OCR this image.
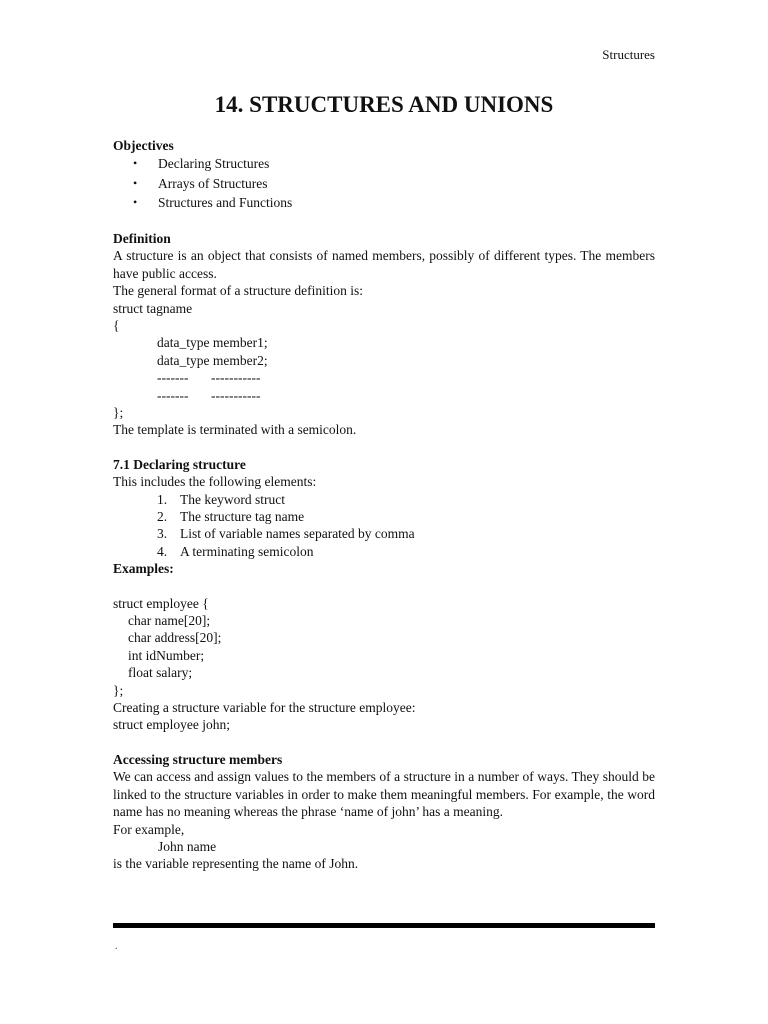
Structures
14. STRUCTURES AND UNIONS

Objectives

• Declaring Structures
• Arrays of Structures
• Structures and Functions

Definition

A structure is an object that consists of named members, possibly of different types. The members have public access.

The general format of a structure definition is:

struct tagname

{

data_type member1;

data_type member2;

------- -----------

------- -----------

};

The template is terminated with a semicolon.

7.1 Declaring structure

This includes the following elements:

1. The keyword struct
2. The structure tag name
3. List of variable names separated by comma
4. A terminating semicolon

Examples:

struct employee {

char name[20];

char address[20];

int idNumber;

float salary;

};

Creating a structure variable for the structure employee:

struct employee john;

Accessing structure members

We can access and assign values to the members of a structure in a number of ways. They should be linked to the structure variables in order to make them meaningful members. For example, the word name has no meaning whereas the phrase ‘name of john’ has a meaning.

For example,

John name

is the variable representing the name of John.

.
